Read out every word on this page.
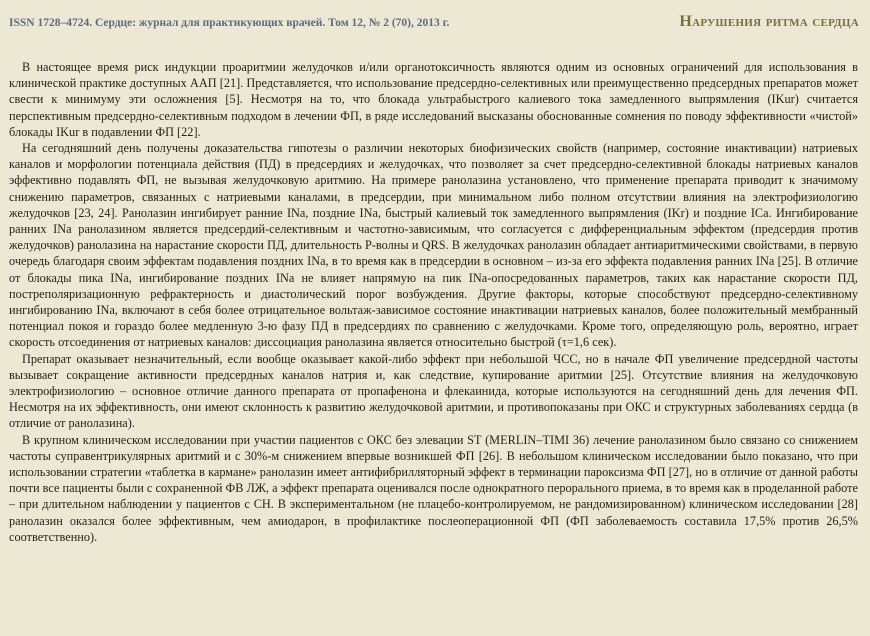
ISSN 1728–4724. Сердце: журнал для практикующих врачей. Том 12, № 2 (70), 2013 г.	Нарушения ритма сердца

В настоящее время риск индукции проаритмии желудочков и/или органотоксичность являются одним из основных ограничений для использования в клинической практике доступных ААП [21]. Представляется, что использование предсердно-селективных или преимущественно предсердных препаратов может свести к минимуму эти осложнения [5]. Несмотря на то, что блокада ультрабыстрого калиевого тока замедленного выпрямления (IKur) считается перспективным предсердно-селективным подходом в лечении ФП, в ряде исследований высказаны обоснованные сомнения по поводу эффективности «чистой» блокады IKur в подавлении ФП [22].

На сегодняшний день получены доказательства гипотезы о различии некоторых биофизических свойств (например, состояние инактивации) натриевых каналов и морфологии потенциала действия (ПД) в предсердиях и желудочках, что позволяет за счет предсердно-селективной блокады натриевых каналов эффективно подавлять ФП, не вызывая желудочковую аритмию. На примере ранолазина установлено, что применение препарата приводит к значимому снижению параметров, связанных с натриевыми каналами, в предсердии, при минимальном либо полном отсутствии влияния на электрофизиологию желудочков [23, 24]. Ранолазин ингибирует ранние INa, поздние INa, быстрый калиевый ток замедленного выпрямления (IKr) и поздние ICa. Ингибирование ранних INa ранолазином является предсердий-селективным и частотно-зависимым, что согласуется с дифференциальным эффектом (предсердия против желудочков) ранолазина на нарастание скорости ПД, длительность P-волны и QRS. В желудочках ранолазин обладает антиаритмическими свойствами, в первую очередь благодаря своим эффектам подавления поздних INa, в то время как в предсердии в основном – из-за его эффекта подавления ранних INa [25]. В отличие от блокады пика INa, ингибирование поздних INa не влияет напрямую на пик INa-опосредованных параметров, таких как нарастание скорости ПД, постреполяризационную рефрактерность и диастолический порог возбуждения. Другие факторы, которые способствуют предсердно-селективному ингибированию INa, включают в себя более отрицательное вольтаж-зависимое состояние инактивации натриевых каналов, более положительный мембранный потенциал покоя и гораздо более медленную 3-ю фазу ПД в предсердиях по сравнению с желудочками. Кроме того, определяющую роль, вероятно, играет скорость отсоединения от натриевых каналов: диссоциация ранолазина является относительно быстрой (τ=1,6 сек).

Препарат оказывает незначительный, если вообще оказывает какой-либо эффект при небольшой ЧСС, но в начале ФП увеличение предсердной частоты вызывает сокращение активности предсердных каналов натрия и, как следствие, купирование аритмии [25]. Отсутствие влияния на желудочковую электрофизиологию – основное отличие данного препарата от пропафенона и флекаинида, которые используются на сегодняшний день для лечения ФП. Несмотря на их эффективность, они имеют склонность к развитию желудочковой аритмии, и противопоказаны при ОКС и структурных заболеваниях сердца (в отличие от ранолазина).

В крупном клиническом исследовании при участии пациентов с ОКС без элевации ST (MERLIN–TIMI 36) лечение ранолазином было связано со снижением частоты суправентрикулярных аритмий и с 30%-м снижением впервые возникшей ФП [26]. В небольшом клиническом исследовании было показано, что при использовании стратегии «таблетка в кармане» ранолазин имеет антифибрилляторный эффект в терминации пароксизма ФП [27], но в отличие от данной работы почти все пациенты были с сохраненной ФВ ЛЖ, а эффект препарата оценивался после однократного перорального приема, в то время как в проделанной работе – при длительном наблюдении у пациентов с СН. В экспериментальном (не плацебо-контролируемом, не рандомизированном) клиническом исследовании [28] ранолазин оказался более эффективным, чем амиодарон, в профилактике послеоперационной ФП (ФП заболеваемость составила 17,5% против 26,5% соответственно).
